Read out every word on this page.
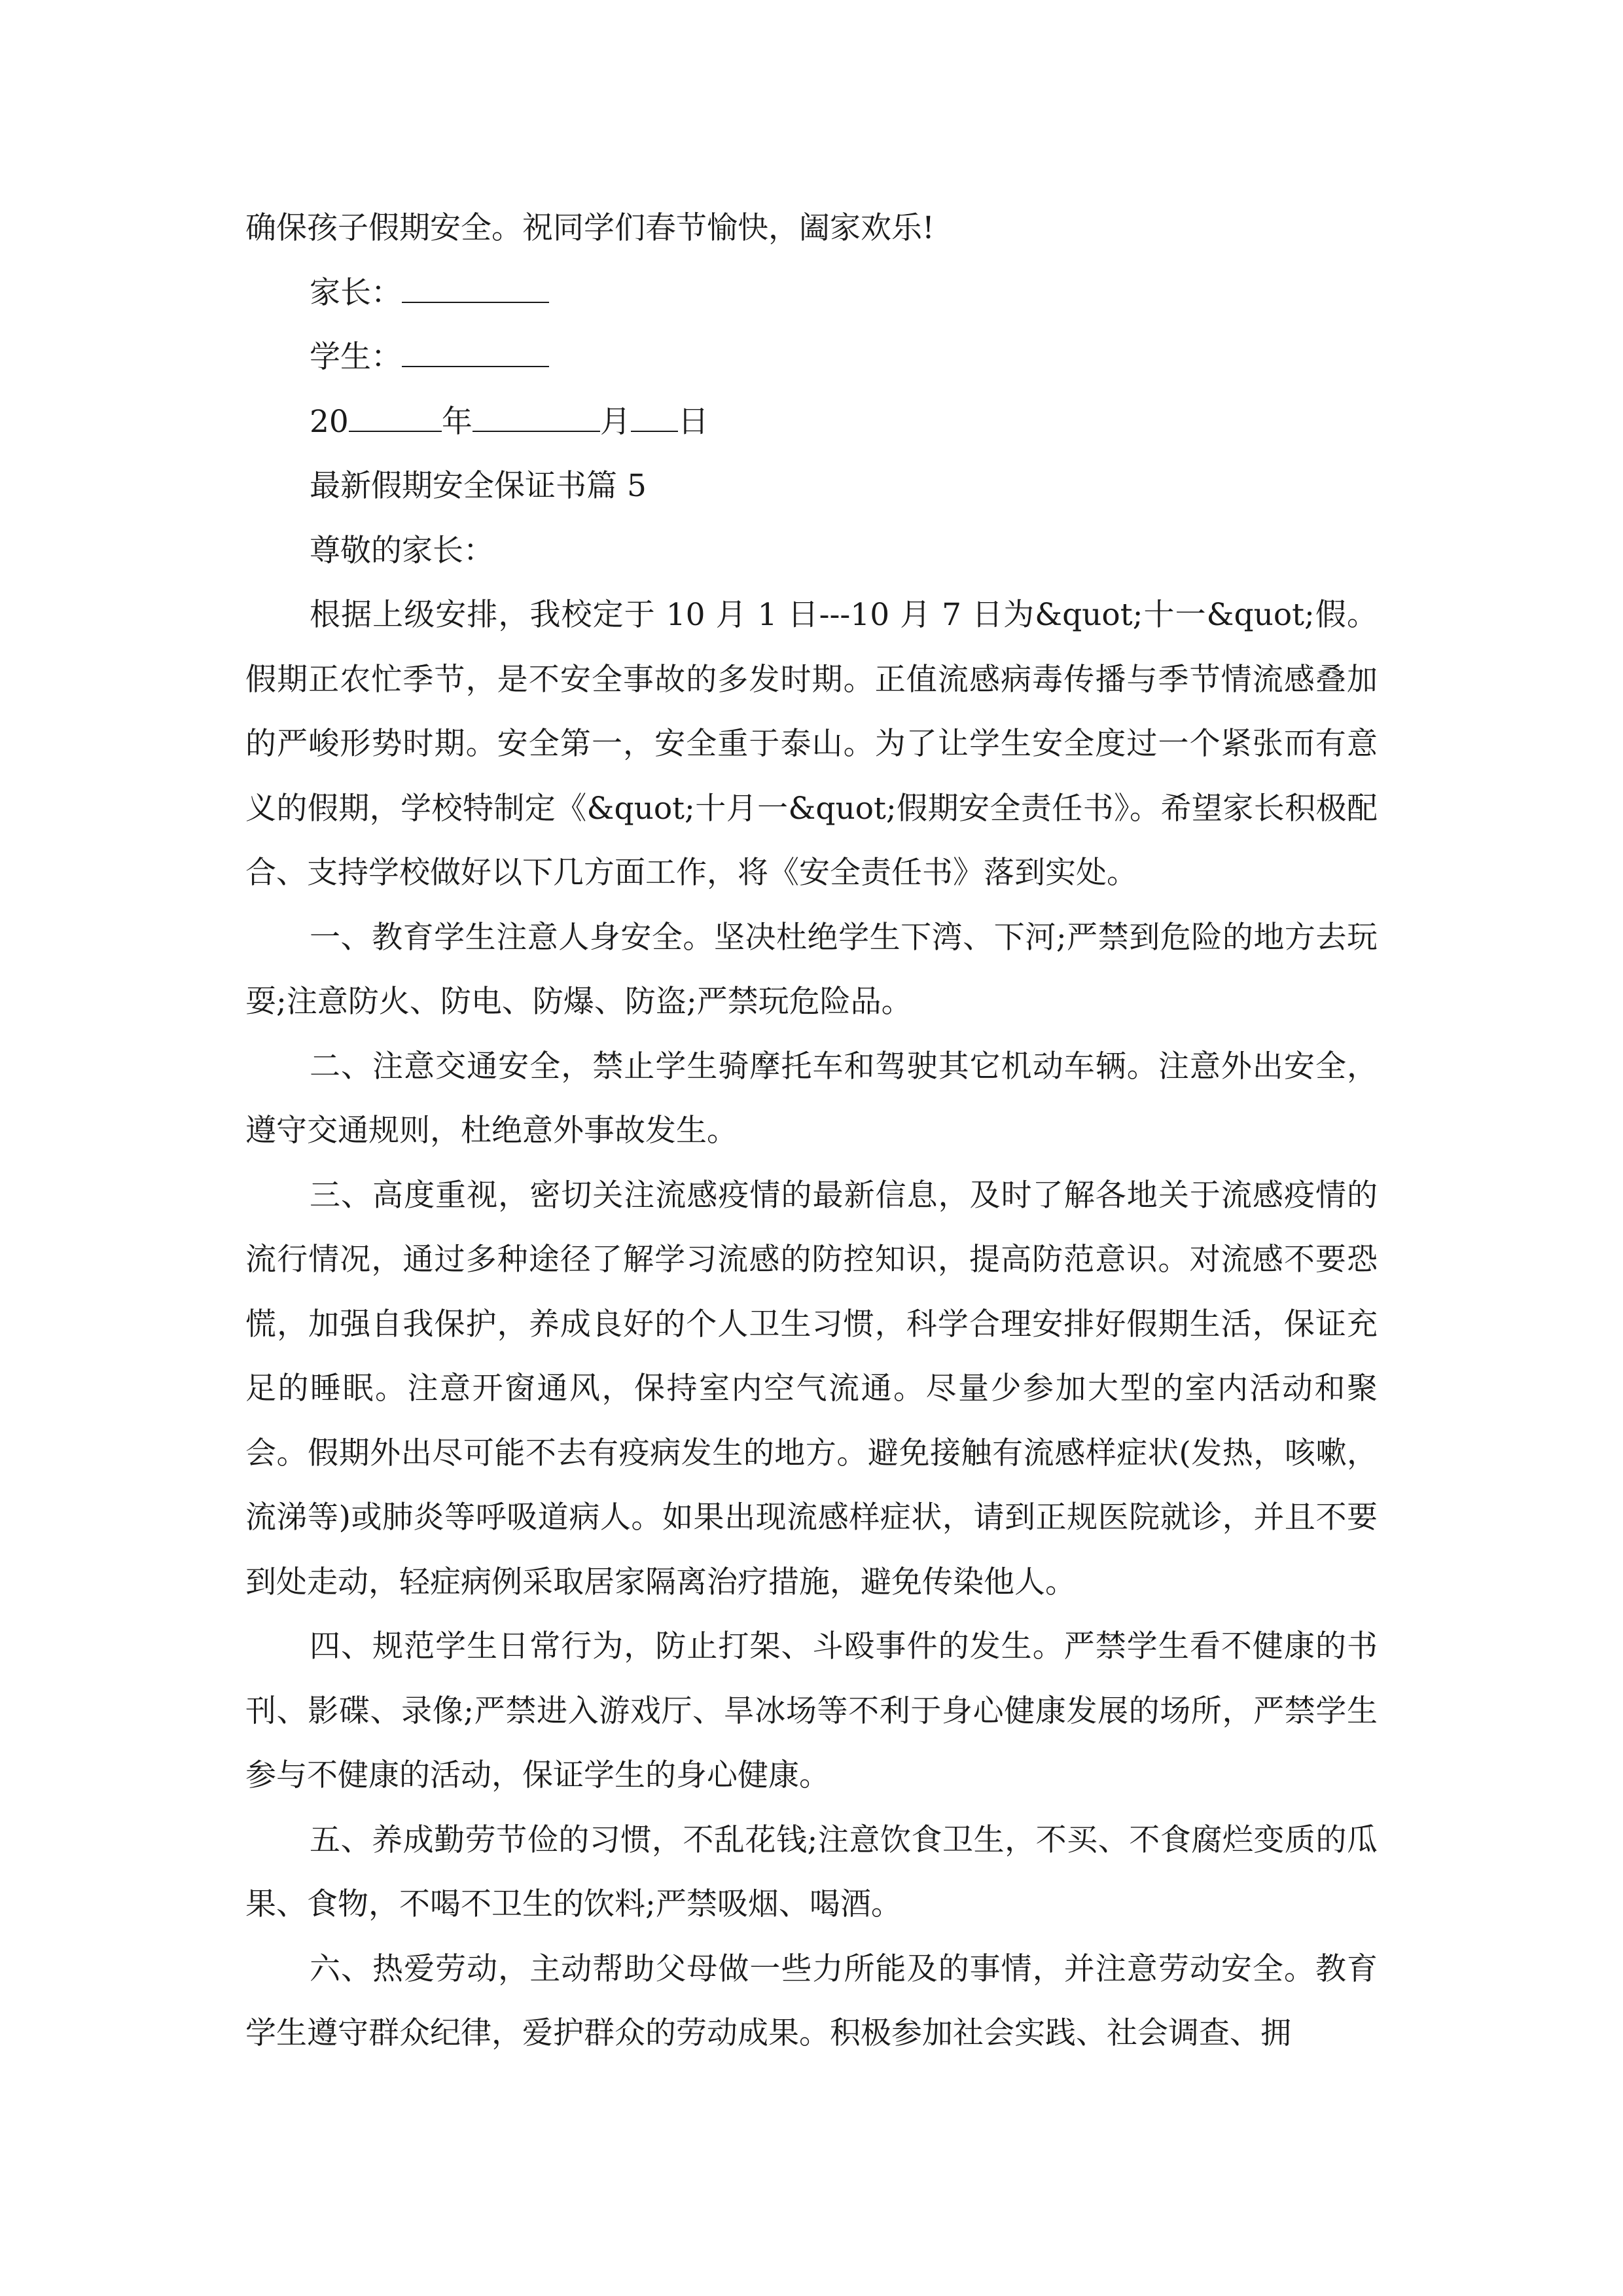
确保孩子假期安全。祝同学们春节愉快，阖家欢乐!

家长：

学生：

20	年	月 日

最新假期安全保证书篇 5

尊敬的家长：

根据上级安排，我校定于 10 月 1 日---10 月 7 日为&quot;十一&quot;假。假期正农忙季节，是不安全事故的多发时期。正值流感病毒传播与季节情流感叠加的严峻形势时期。安全第一，安全重于泰山。为了让学生安全度过一个紧张而有意义的假期，学校特制定《&quot;十月一&quot;假期安全责任书》。希望家长积极配合、支持学校做好以下几方面工作，将《安全责任书》落到实处。

一、教育学生注意人身安全。坚决杜绝学生下湾、下河;严禁到危险的地方去玩耍;注意防火、防电、防爆、防盗;严禁玩危险品。

二、注意交通安全，禁止学生骑摩托车和驾驶其它机动车辆。注意外出安全，遵守交通规则，杜绝意外事故发生。

三、高度重视，密切关注流感疫情的最新信息，及时了解各地关于流感疫情的流行情况，通过多种途径了解学习流感的防控知识，提高防范意识。对流感不要恐慌，加强自我保护，养成良好的个人卫生习惯，科学合理安排好假期生活，保证充足的睡眠。注意开窗通风，保持室内空气流通。尽量少参加大型的室内活动和聚会。假期外出尽可能不去有疫病发生的地方。避免接触有流感样症状(发热，咳嗽，流涕等)或肺炎等呼吸道病人。如果出现流感样症状，请到正规医院就诊，并且不要到处走动，轻症病例采取居家隔离治疗措施，避免传染他人。

四、规范学生日常行为，防止打架、斗殴事件的发生。严禁学生看不健康的书刊、影碟、录像;严禁进入游戏厅、旱冰场等不利于身心健康发展的场所，严禁学生参与不健康的活动，保证学生的身心健康。

五、养成勤劳节俭的习惯，不乱花钱;注意饮食卫生，不买、不食腐烂变质的瓜果、食物，不喝不卫生的饮料;严禁吸烟、喝酒。

六、热爱劳动，主动帮助父母做一些力所能及的事情，并注意劳动安全。教育学生遵守群众纪律，爱护群众的劳动成果。积极参加社会实践、社会调查、拥
